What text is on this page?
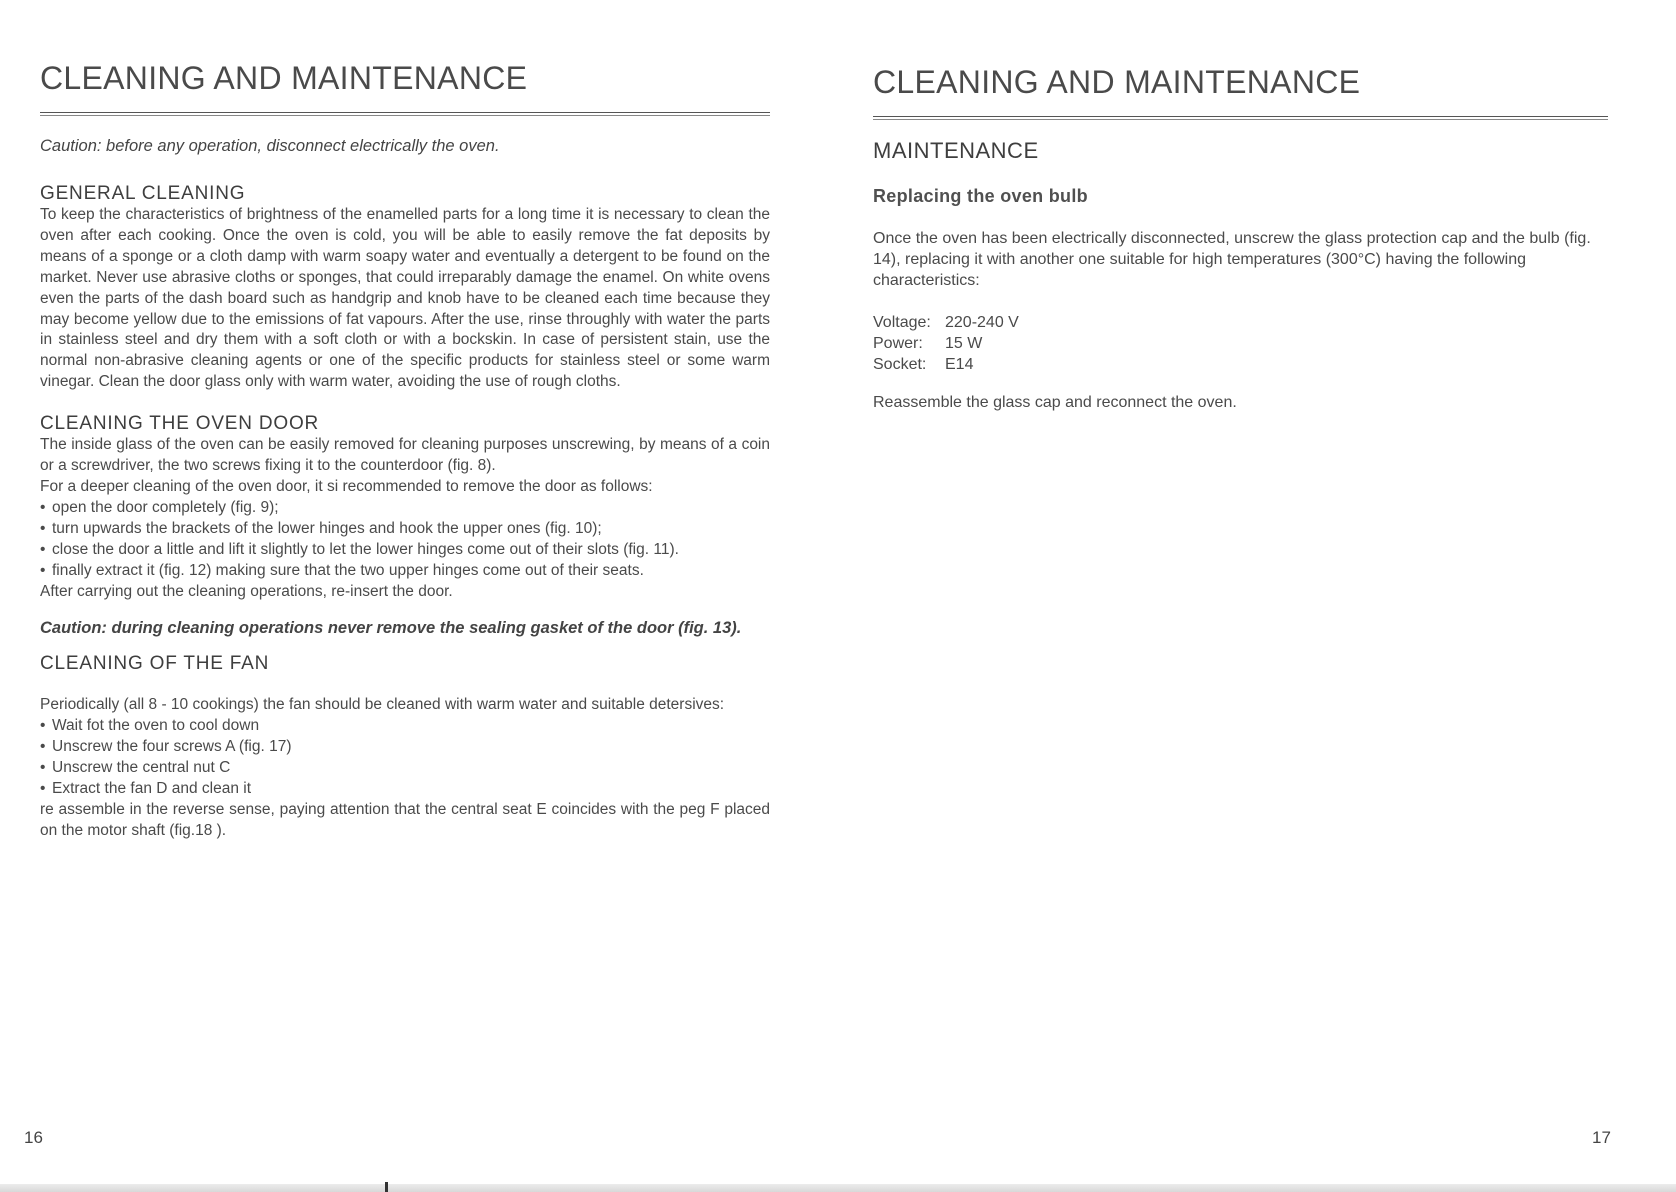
CLEANING AND MAINTENANCE

Caution: before any operation, disconnect electrically the oven.

GENERAL CLEANING

To keep the characteristics of brightness of the enamelled parts for a long time it is necessary to clean the oven after each cooking. Once the oven is cold, you will be able to easily remove the fat deposits by means of a sponge or a cloth damp with warm soapy water and eventually a detergent to be found on the market. Never use abrasive cloths or sponges, that could irreparably damage the enamel. On white ovens even the parts of the dash board such as handgrip and knob have to be cleaned each time because they may become yellow due to the emissions of fat vapours. After the use, rinse throughly with water the parts in stainless steel and dry them with a soft cloth or with a bockskin. In case of persistent stain, use the normal non-abrasive cleaning agents or one of the specific products for stainless steel or some warm vinegar. Clean the door glass only with warm water, avoiding the use of rough cloths.

CLEANING THE OVEN DOOR

The inside glass of the oven can be easily removed for cleaning purposes unscrewing, by means of a coin or a screwdriver, the two screws fixing it to the counterdoor (fig. 8).

For a deeper cleaning of the oven door, it si recommended to remove the door as follows:

• open the door completely (fig. 9);
• turn upwards the brackets of the lower hinges and hook the upper ones (fig. 10);
• close the door a little and lift it slightly to let the lower hinges come out of their slots (fig. 11).
• finally extract it (fig. 12) making sure that the two upper hinges come out of their seats.

After carrying out the cleaning operations, re-insert the door.

Caution: during cleaning operations never remove the sealing gasket of the door (fig. 13).

CLEANING OF THE FAN

Periodically (all 8 - 10 cookings) the fan should be cleaned with warm water and suitable detersives:

• Wait fot the oven to cool down
• Unscrew the four screws A (fig. 17)
• Unscrew the central nut C
• Extract the fan D and clean it

re assemble in the reverse sense, paying attention that the central seat E coincides with the peg F placed on the motor shaft (fig.18 ).

16
CLEANING AND MAINTENANCE
MAINTENANCE
Replacing the oven bulb

Once the oven has been electrically disconnected, unscrew the glass protection cap and the bulb (fig. 14), replacing it with another one suitable for high temperatures (300°C) having the following characteristics:

Voltage: 220-240 V
Power: 15 W
Socket: E14

Reassemble the glass cap and reconnect the oven.

17
